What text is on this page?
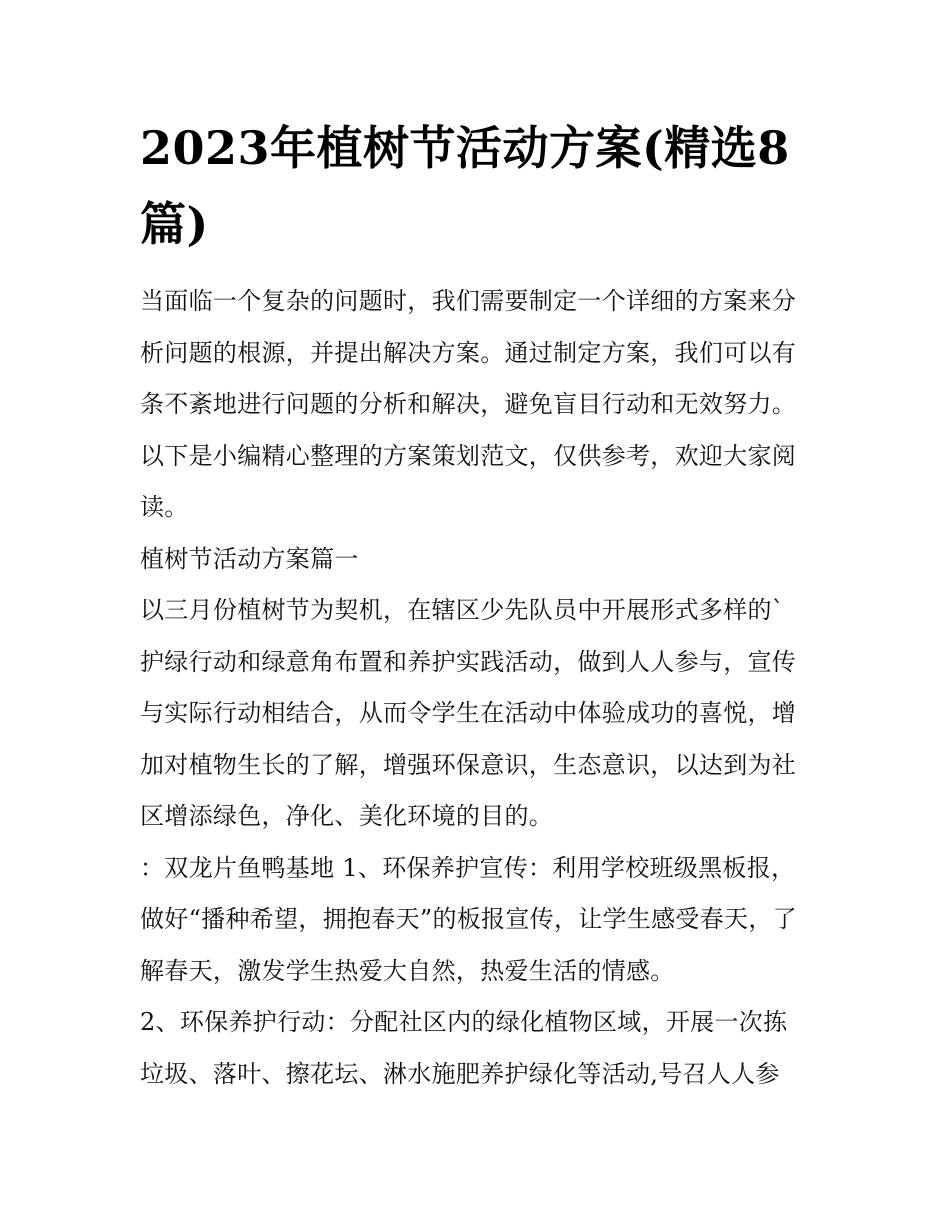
2023年植树节活动方案(精选8篇)
当面临一个复杂的问题时，我们需要制定一个详细的方案来分
析问题的根源，并提出解决方案。通过制定方案，我们可以有
条不紊地进行问题的分析和解决，避免盲目行动和无效努力。
以下是小编精心整理的方案策划范文，仅供参考，欢迎大家阅
读。
植树节活动方案篇一
以三月份植树节为契机，在辖区少先队员中开展形式多样的`
护绿行动和绿意角布置和养护实践活动，做到人人参与，宣传
与实际行动相结合，从而令学生在活动中体验成功的喜悦，增
加对植物生长的了解，增强环保意识，生态意识，以达到为社
区增添绿色，净化、美化环境的目的。
：双龙片鱼鸭基地 1、环保养护宣传：利用学校班级黑板报，
做好“播种希望，拥抱春天”的板报宣传，让学生感受春天，了
解春天，激发学生热爱大自然，热爱生活的情感。
2、环保养护行动：分配社区内的绿化植物区域，开展一次拣
垃圾、落叶、擦花坛、淋水施肥养护绿化等活动,号召人人参
